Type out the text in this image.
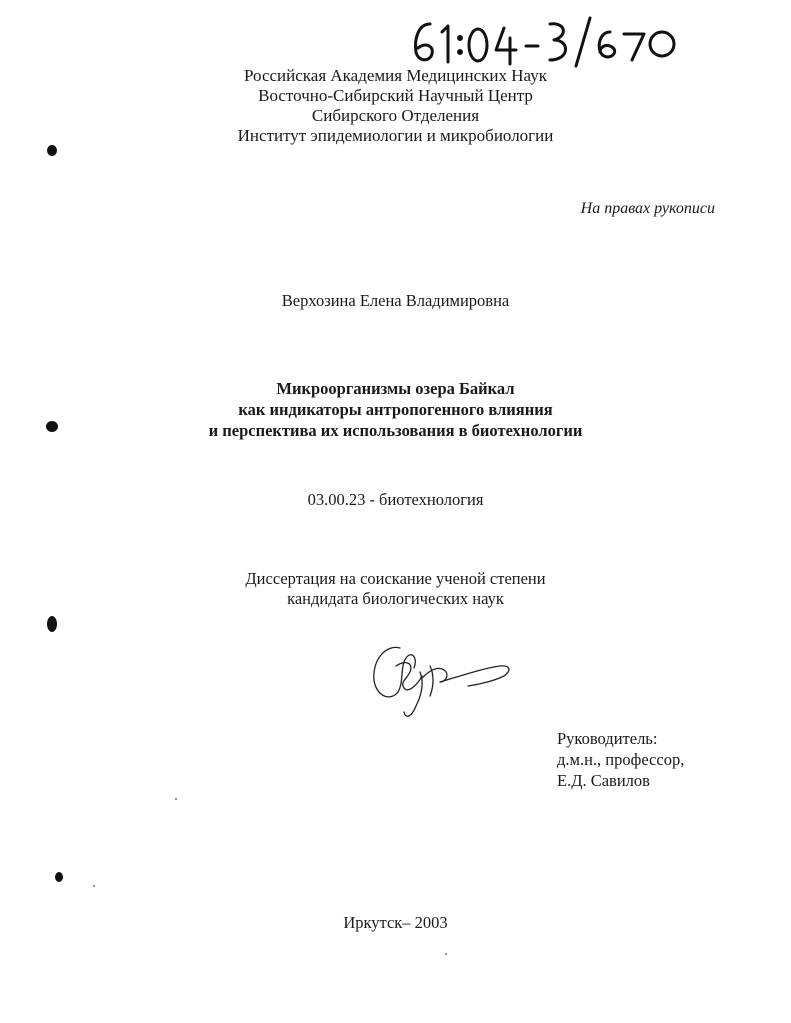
Российская Академия Медицинских Наук
Восточно-Сибирский Научный Центр
Сибирского Отделения
Институт эпидемиологии и микробиологии
На правах рукописи
Верхозина Елена Владимировна
Микроорганизмы озера Байкал
как индикаторы антропогенного влияния
и перспектива их использования в биотехнологии
03.00.23 - биотехнология
Диссертация на соискание ученой степени
кандидата биологических наук
Руководитель:
д.м.н., профессор,
Е.Д. Савилов
Иркутск– 2003
